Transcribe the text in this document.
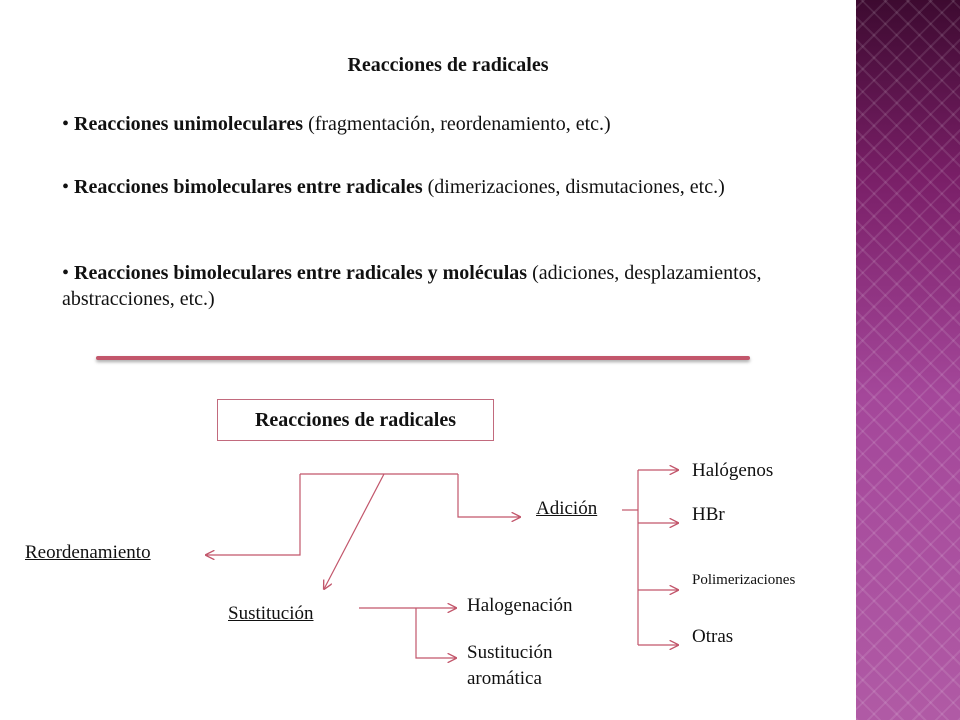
Reacciones de radicales
• Reacciones unimoleculares (fragmentación, reordenamiento, etc.)
• Reacciones bimoleculares entre radicales (dimerizaciones, dismutaciones, etc.)
• Reacciones bimoleculares entre radicales y moléculas (adiciones, desplazamientos, abstracciones, etc.)
Reacciones de radicales
Reordenamiento
Sustitución
Adición
Halogenación
Sustitución
aromática
Halógenos
HBr
Polimerizaciones
Otras
